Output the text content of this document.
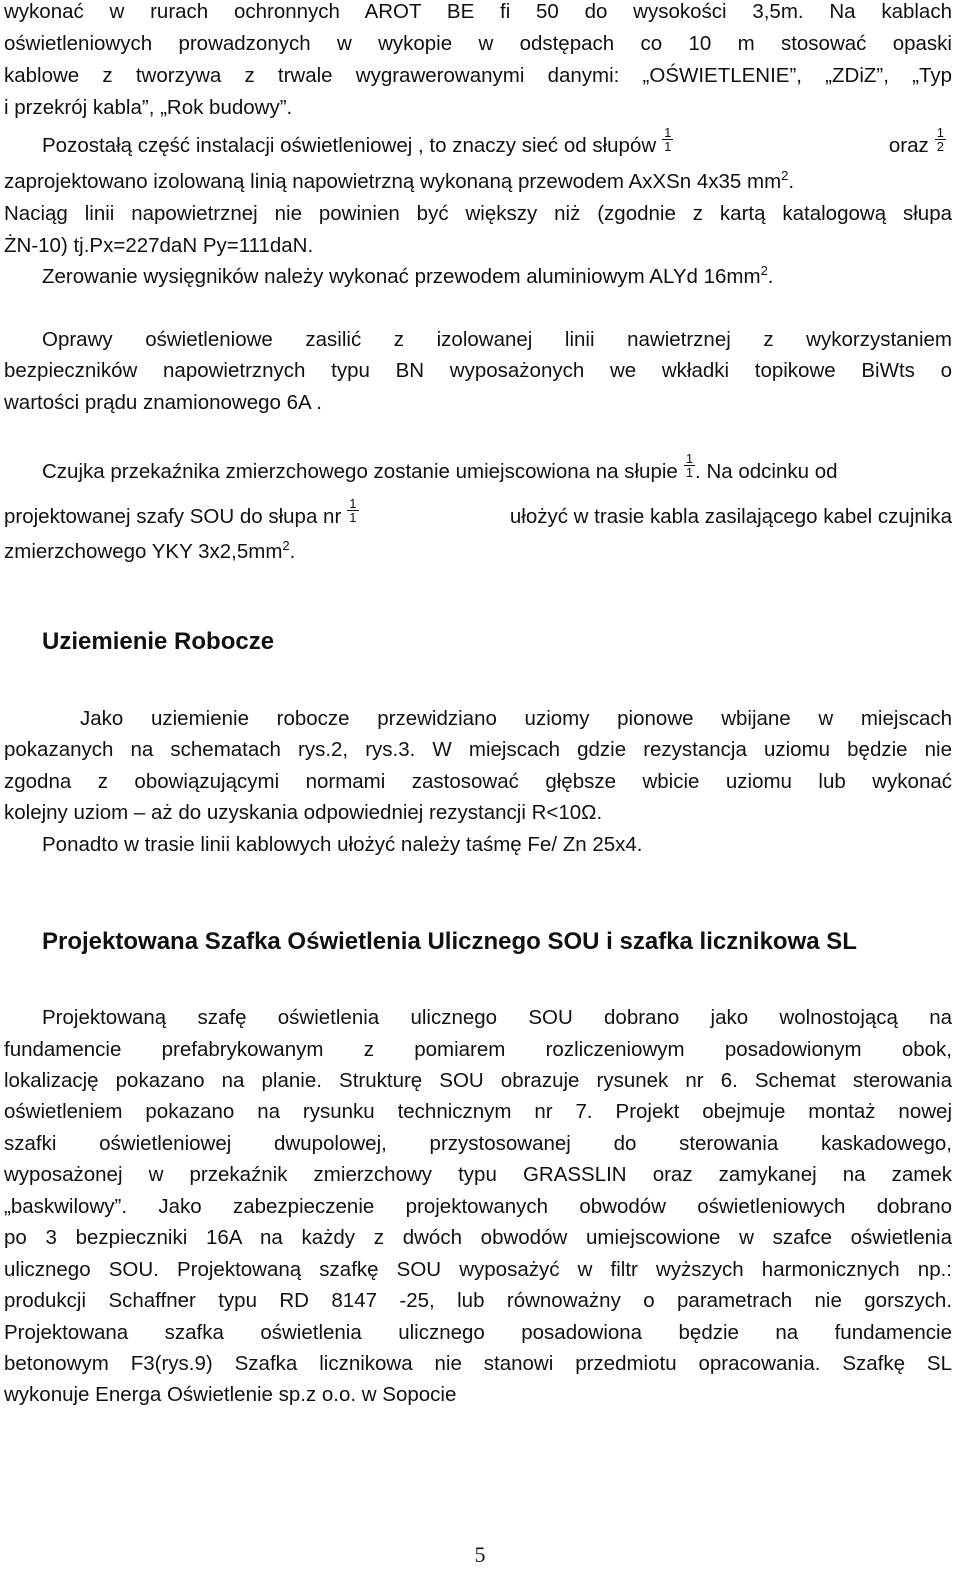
wykonać w rurach ochronnych AROT BE fi 50 do wysokości 3,5m. Na kablach
oświetleniowych prowadzonych w wykopie w odstępach co 10 m stosować opaski
kablowe z tworzywa z trwale wygrawerowanymi danymi: „OŚWIETLENIE”, „ZDiZ”, „Typ
i przekrój kabla”, „Rok budowy”.
Pozostałą część instalacji oświetleniowej , to znaczy sieć od słupów $\frac{1}{1}$	oraz $\frac{1}{2}$
zaprojektowano izolowaną linią napowietrzną wykonaną przewodem AxXSn 4x35 $mm^2$.
Naciąg linii napowietrznej nie powinien być większy niż (zgodnie z kartą katalogową słupa
ŻN-10) tj.Px=227daN Py=111daN.
Zerowanie wysięgników należy wykonać przewodem aluminiowym ALYd $16mm^2$.
Oprawy oświetleniowe zasilić z izolowanej linii nawietrznej z wykorzystaniem
bezpieczników napowietrznych typu BN wyposażonych we wkładki topikowe BiWts o
wartości prądu znamionowego 6A .
Czujka przekaźnika zmierzchowego zostanie umiejscowiona na słupie $\frac{1}{1}$ . Na odcinku od
projektowanej szafy SOU do słupa nr $\frac{1}{1}$	ułożyć w trasie kabla zasilającego kabel czujnika
zmierzchowego YKY $3x2,5mm^2$.
Uziemienie Robocze
Jako uziemienie robocze przewidziano uziomy pionowe wbijane w miejscach
pokazanych na schematach rys.2, rys.3. W miejscach gdzie rezystancja uziomu będzie nie
zgodna z obowiązującymi normami zastosować głębsze wbicie uziomu lub wykonać
kolejny uziom – aż do uzyskania odpowiedniej rezystancji R<10Ω.
Ponadto w trasie linii kablowych ułożyć należy taśmę Fe/ Zn 25x4.
Projektowana Szafka Oświetlenia Ulicznego SOU i szafka licznikowa SL
Projektowaną szafę oświetlenia ulicznego SOU dobrano jako wolnostojącą na
fundamencie prefabrykowanym z pomiarem rozliczeniowym posadowionym obok,
lokalizację pokazano na planie. Strukturę SOU obrazuje rysunek nr 6. Schemat sterowania
oświetleniem pokazano na rysunku technicznym nr 7. Projekt obejmuje montaż nowej
szafki oświetleniowej dwupolowej, przystosowanej do sterowania kaskadowego,
wyposażonej w przekaźnik zmierzchowy typu GRASSLIN oraz zamykanej na zamek
„baskwilowy”. Jako zabezpieczenie projektowanych obwodów oświetleniowych dobrano
po 3 bezpieczniki 16A na każdy z dwóch obwodów umiejscowione w szafce oświetlenia
ulicznego SOU. Projektowaną szafkę SOU wyposażyć w filtr wyższych harmonicznych np.:
produkcji Schaffner typu RD 8147 -25, lub równoważny o parametrach nie gorszych.
Projektowana szafka oświetlenia ulicznego posadowiona będzie na fundamencie
betonowym F3(rys.9) Szafka licznikowa nie stanowi przedmiotu opracowania. Szafkę SL
wykonuje Energa Oświetlenie sp.z o.o. w Sopocie
5
